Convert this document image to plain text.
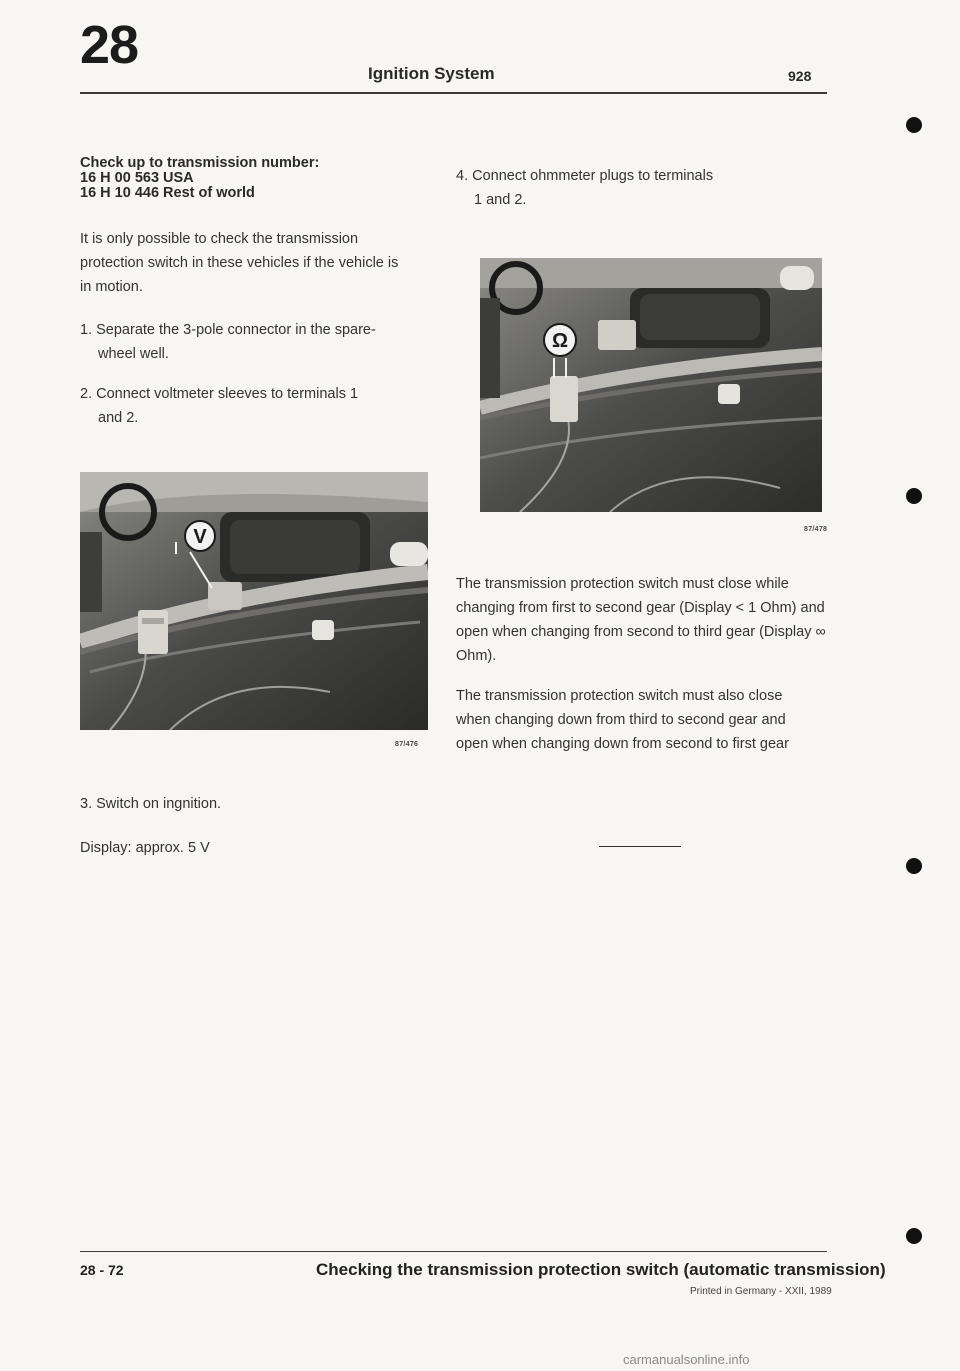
28	Ignition System	928
Check up to transmission number:
16 H 00 563 USA
16 H 10 446 Rest of world
It is only possible to check the transmission protection switch in these vehicles if the vehicle is in motion.
1. Separate the 3-pole connector in the spare-
wheel well.
2. Connect voltmeter sleeves to terminals 1
and 2.
V
87/476
3. Switch on ingnition.
Display: approx. 5 V
4. Connect ohmmeter plugs to terminals
1 and 2.
Ω
87/478
The transmission protection switch must close while changing from first to second gear (Display < 1 Ohm) and open when changing from second to third gear (Display ∞ Ohm).
The transmission protection switch must also close when changing down from third to second gear and open when changing down from second to first gear
28 - 72	Checking the transmission protection switch (automatic transmission)
Printed in Germany - XXII, 1989
carmanualsonline.info
